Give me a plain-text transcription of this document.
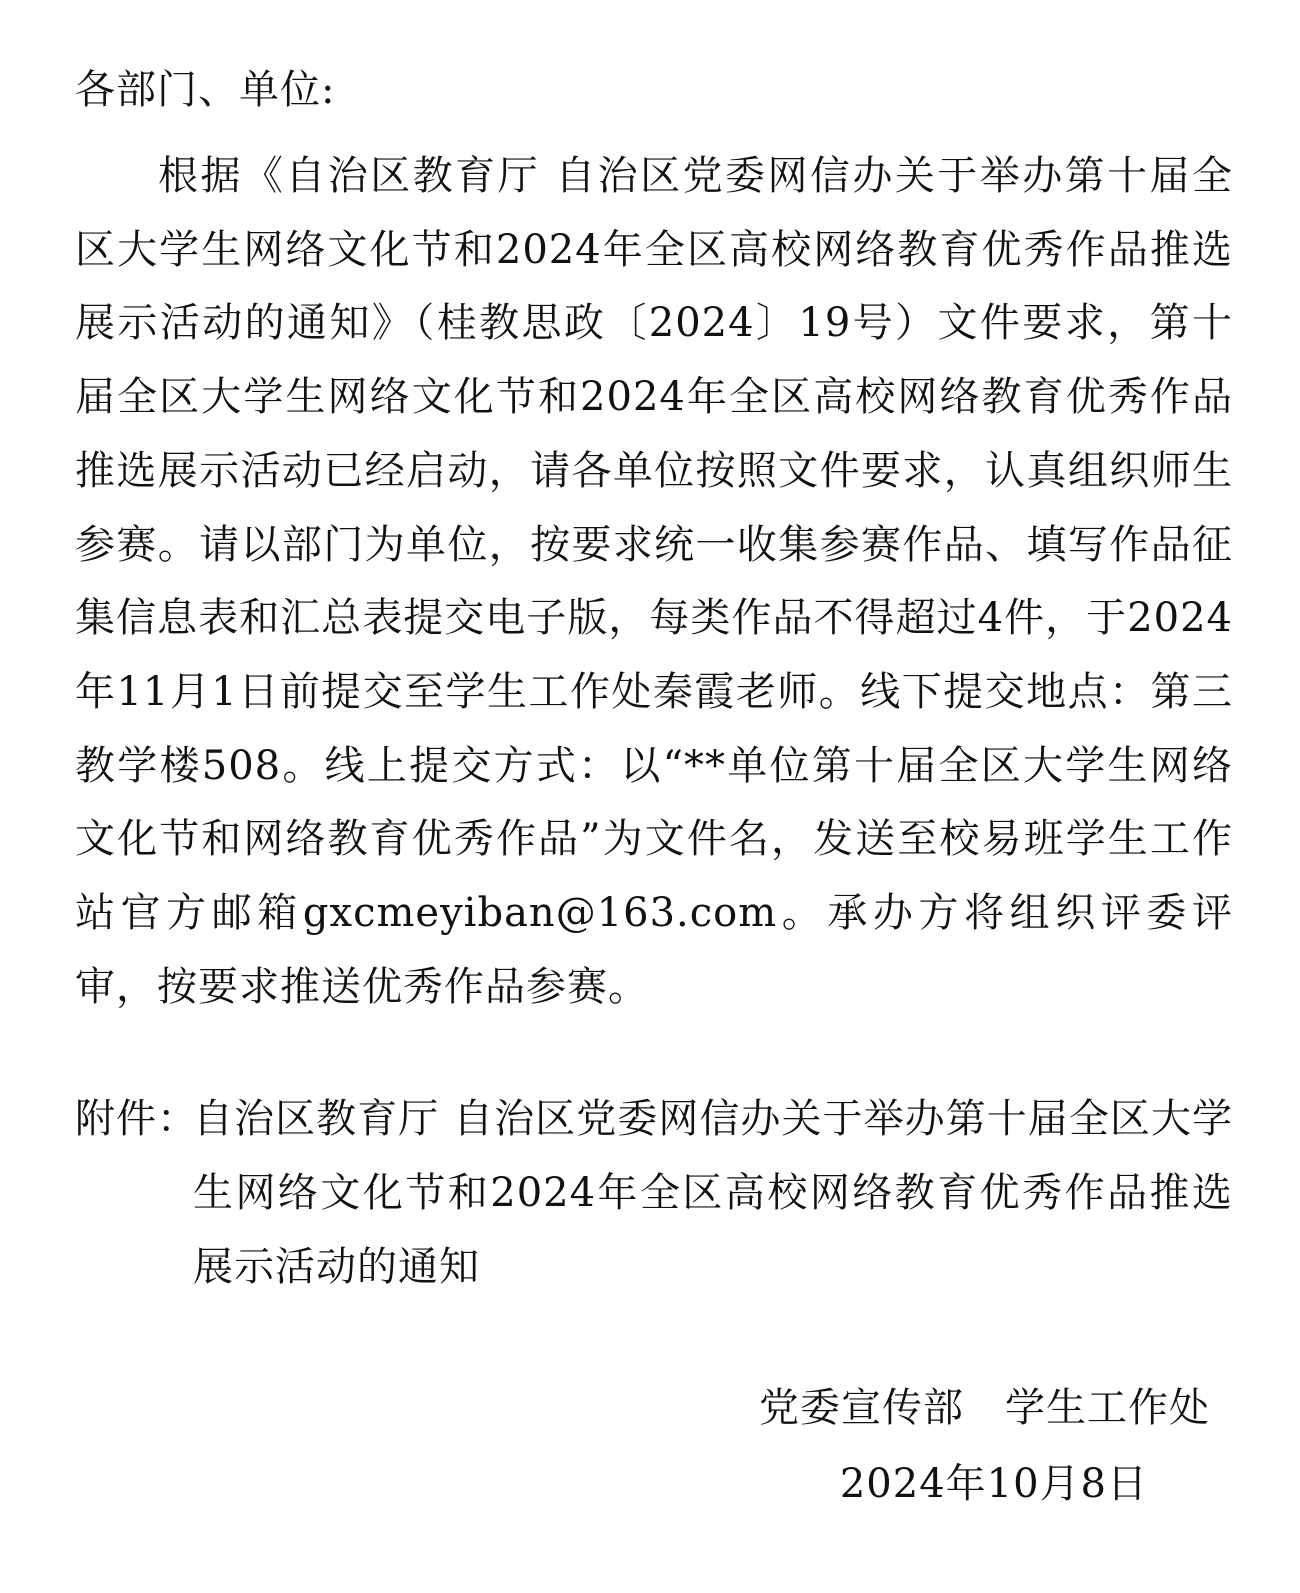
各部门、单位:

根据《自治区教育厅 自治区党委网信办关于举办第十届全区大学生网络文化节和2024年全区高校网络教育优秀作品推选展示活动的通知》（桂教思政〔2024〕19号）文件要求，第十届全区大学生网络文化节和2024年全区高校网络教育优秀作品推选展示活动已经启动，请各单位按照文件要求，认真组织师生参赛。请以部门为单位，按要求统一收集参赛作品、填写作品征集信息表和汇总表提交电子版，每类作品不得超过4件，于2024年11月1日前提交至学生工作处秦霞老师。线下提交地点：第三教学楼508。线上提交方式：以“**单位第十届全区大学生网络文化节和网络教育优秀作品”为文件名，发送至校易班学生工作站官方邮箱gxcmeyiban@163.com。承办方将组织评委评审，按要求推送优秀作品参赛。

附件：
自治区教育厅 自治区党委网信办关于举办第十届全区大学生网络文化节和2024年全区高校网络教育优秀作品推选展示活动的通知
党委宣传部　学生工作处
2024年10月8日
